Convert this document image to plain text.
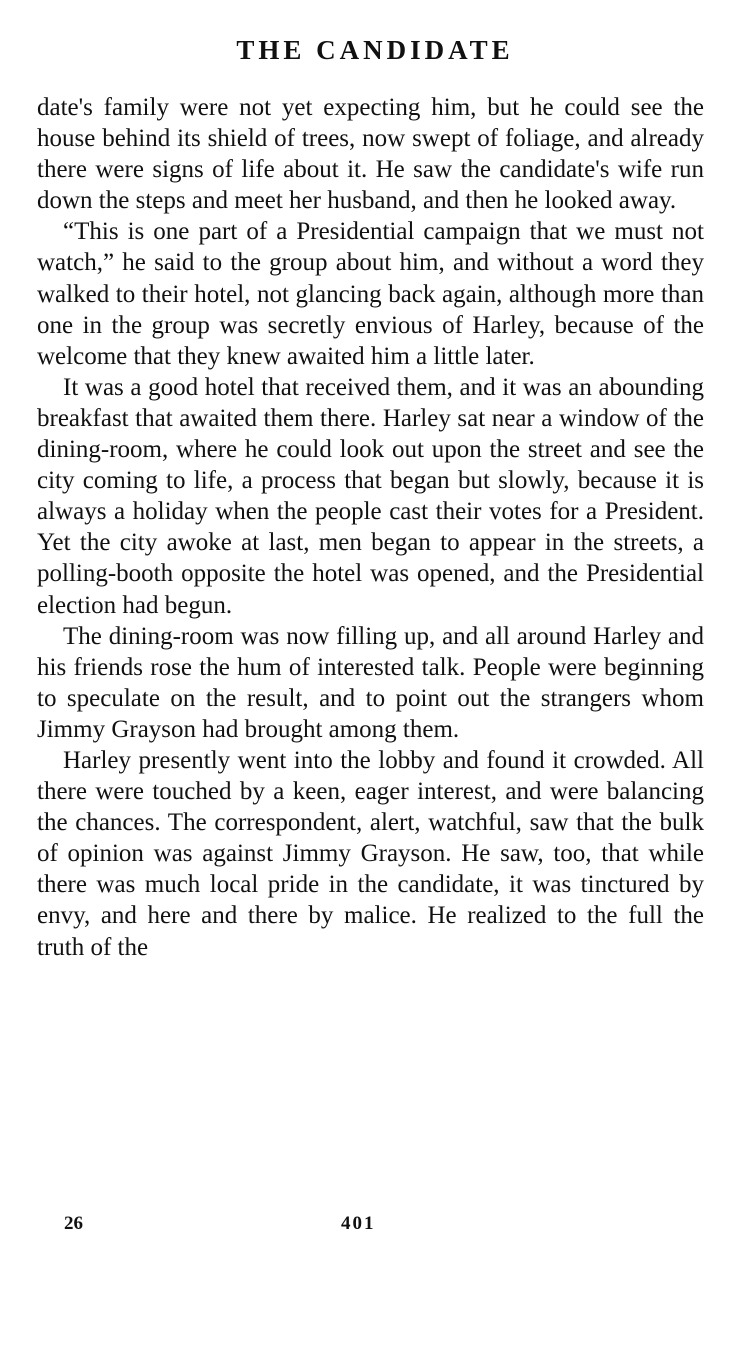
THE CANDIDATE

date's family were not yet expecting him, but he could see the house behind its shield of trees, now swept of foliage, and already there were signs of life about it. He saw the candidate's wife run down the steps and meet her husband, and then he looked away.

“This is one part of a Presidential campaign that we must not watch,” he said to the group about him, and without a word they walked to their hotel, not glancing back again, although more than one in the group was secretly envious of Harley, because of the welcome that they knew awaited him a little later.

It was a good hotel that received them, and it was an abounding breakfast that awaited them there. Harley sat near a window of the dining-room, where he could look out upon the street and see the city coming to life, a process that began but slowly, because it is always a holiday when the people cast their votes for a President. Yet the city awoke at last, men began to appear in the streets, a polling-booth opposite the hotel was opened, and the Presidential election had begun.

The dining-room was now filling up, and all around Harley and his friends rose the hum of interested talk. People were beginning to speculate on the result, and to point out the strangers whom Jimmy Grayson had brought among them.

Harley presently went into the lobby and found it crowded. All there were touched by a keen, eager interest, and were balancing the chances. The correspondent, alert, watchful, saw that the bulk of opinion was against Jimmy Grayson. He saw, too, that while there was much local pride in the candidate, it was tinctured by envy, and here and there by malice. He realized to the full the truth of the

26	401
